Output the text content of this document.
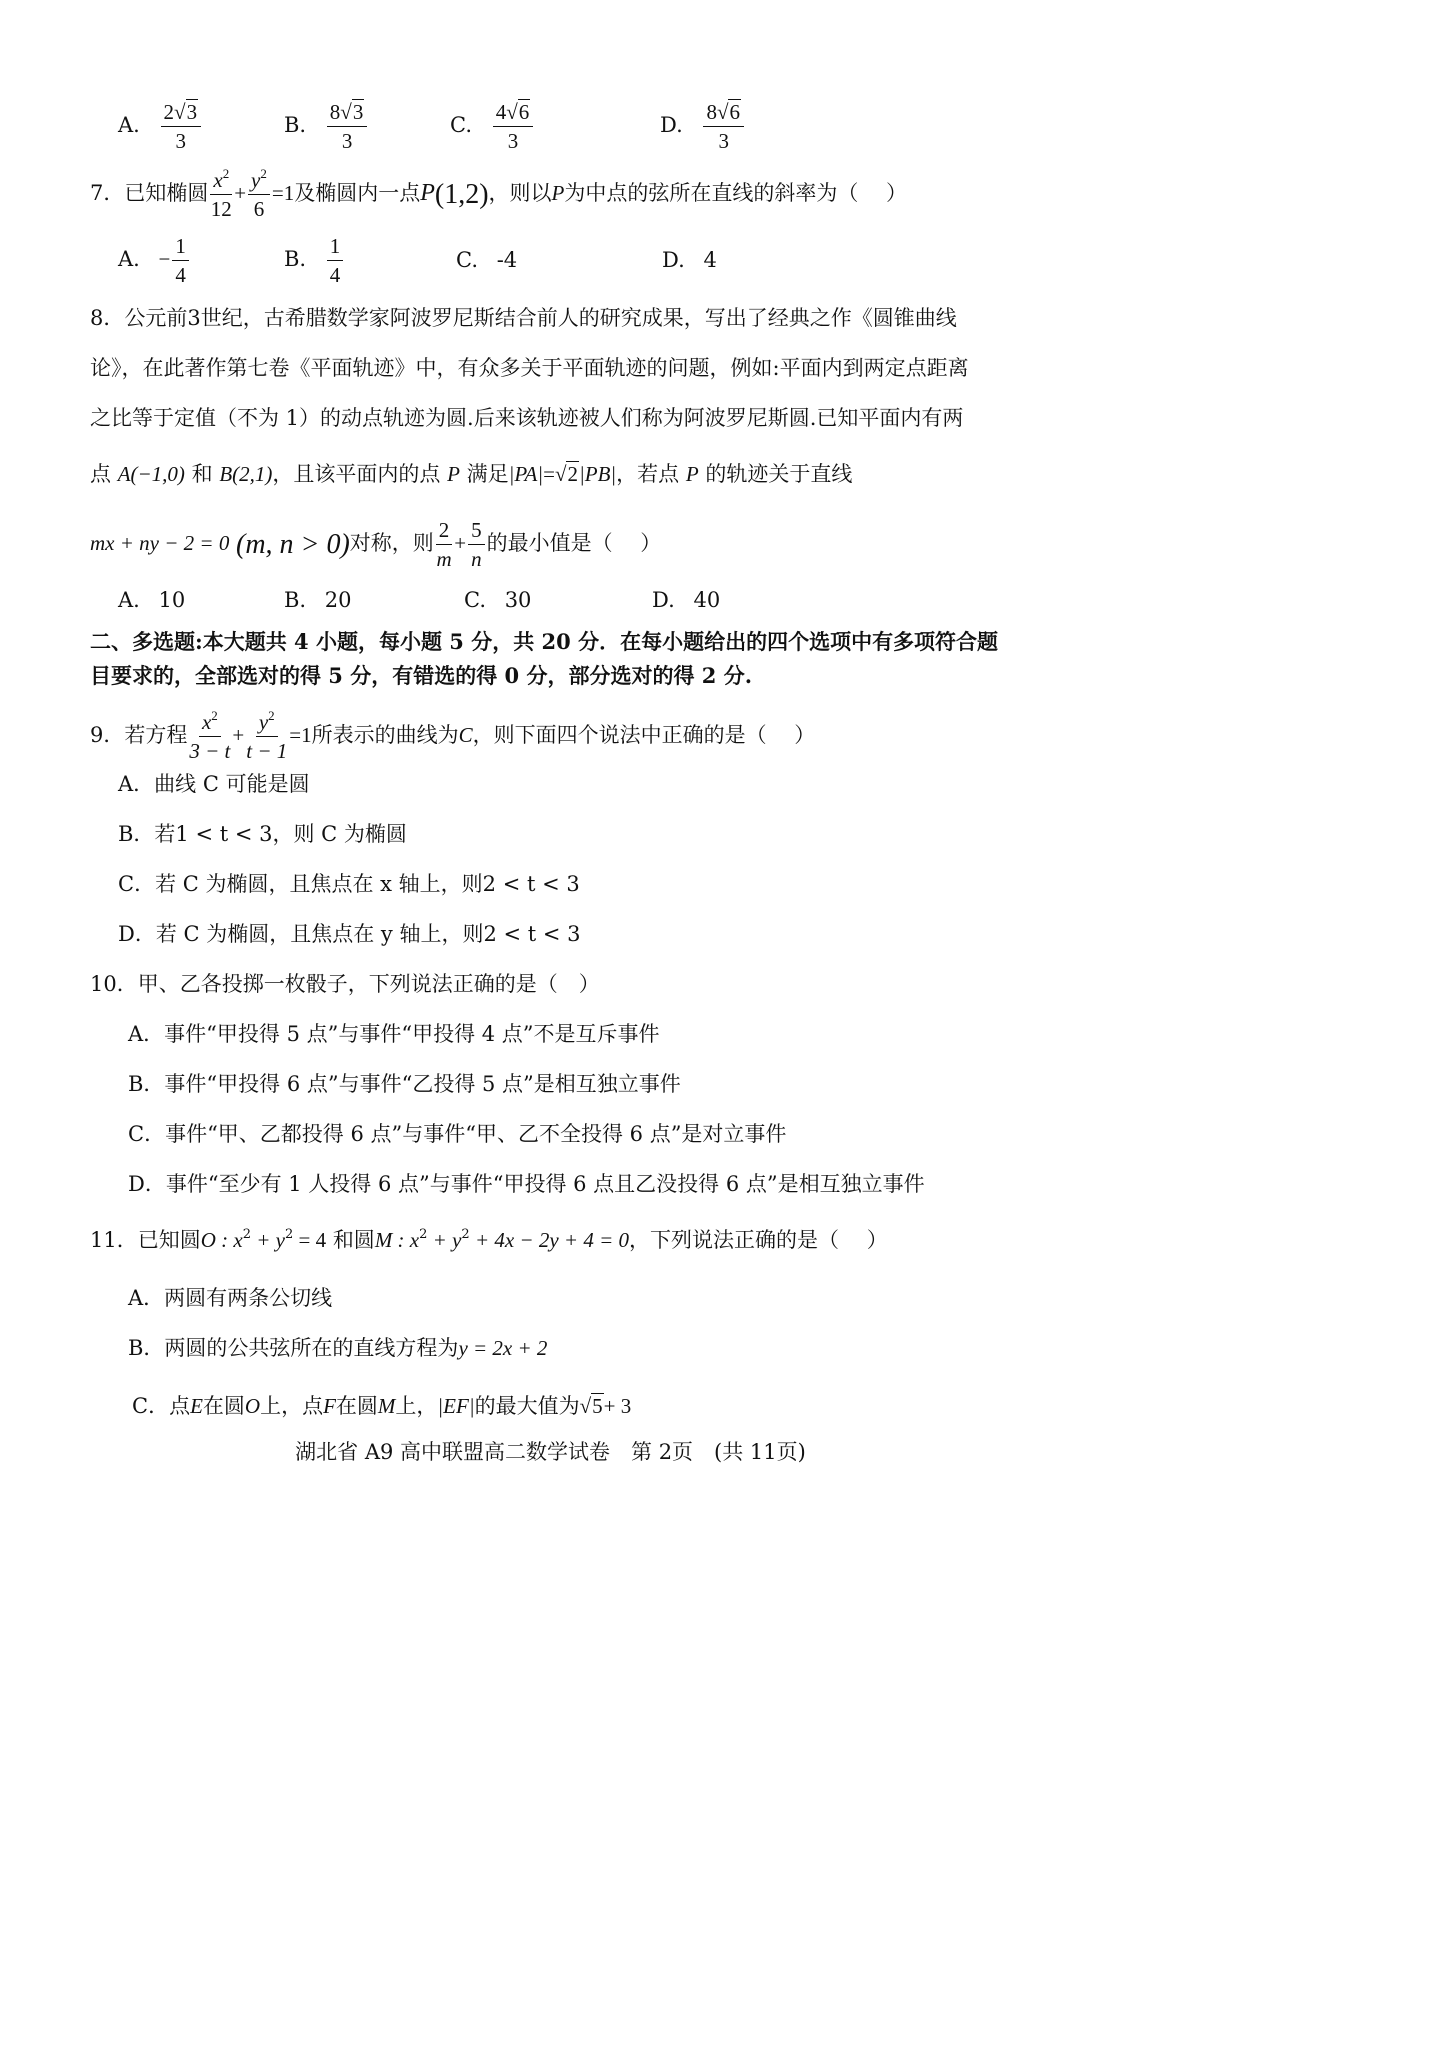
A. $\frac{2√3}{3}$	B. $\frac{8√3}{3}$	C. $\frac{4√6}{3}$	D. $\frac{8√6}{3}$
7．已知椭圆 $\frac{x^2}{12} + \frac{y^2}{6} =1$及椭圆内一点P(1,2)，则以P为中点的弦所在直线的斜率为（　 ）
A. − $\frac{1}{4}$	B. $\frac{1}{4}$	C. -4	D. 4
8．公元前3世纪，古希腊数学家阿波罗尼斯结合前人的研究成果，写出了经典之作《圆锥曲线
论》，在此著作第七卷《平面轨迹》中，有众多关于平面轨迹的问题，例如:平面内到两定点距离
之比等于定值（不为 1）的动点轨迹为圆.后来该轨迹被人们称为阿波罗尼斯圆.已知平面内有两
点 A(−1,0) 和 B(2,1)，且该平面内的点 P 满足|PA|=√2|PB|，若点 P 的轨迹关于直线
mx + ny − 2 = 0 (m, n > 0)对称，则 $\frac{2}{m} + \frac{5}{n}$ 的最小值是（　 ）
A. 10	B. 20	C. 30	D. 40
二、多选题:本大题共 4 小题，每小题 5 分，共 20 分．在每小题给出的四个选项中有多项符合题
目要求的，全部选对的得 5 分，有错选的得 0 分，部分选对的得 2 分.
9．若方程 $\frac{x^2}{3 - t} + \frac{y^2}{t - 1} =1$所表示的曲线为C，则下面四个说法中正确的是（　 ）
A．曲线 C 可能是圆
B．若1 < t < 3，则 C 为椭圆
C．若 C 为椭圆，且焦点在 x 轴上，则2 < t < 3
D．若 C 为椭圆，且焦点在 y 轴上，则2 < t < 3
10．甲、乙各投掷一枚骰子，下列说法正确的是（　）
A．事件“甲投得 5 点”与事件“甲投得 4 点”不是互斥事件
B．事件“甲投得 6 点”与事件“乙投得 5 点”是相互独立事件
C．事件“甲、乙都投得 6 点”与事件“甲、乙不全投得 6 点”是对立事件
D．事件“至少有 1 人投得 6 点”与事件“甲投得 6 点且乙没投得 6 点”是相互独立事件
11．已知圆O : $x^2 + y^2 = 4$ 和圆M : $x^2 + y^2 + 4x - 2y + 4 = 0$，下列说法正确的是（　 ）
A．两圆有两条公切线
B．两圆的公共弦所在的直线方程为y = 2x + 2
C．点E在圆O上，点F在圆M上，|EF|的最大值为√5+ 3
湖北省 A9 高中联盟高二数学试卷　第 2页　(共 11页)
